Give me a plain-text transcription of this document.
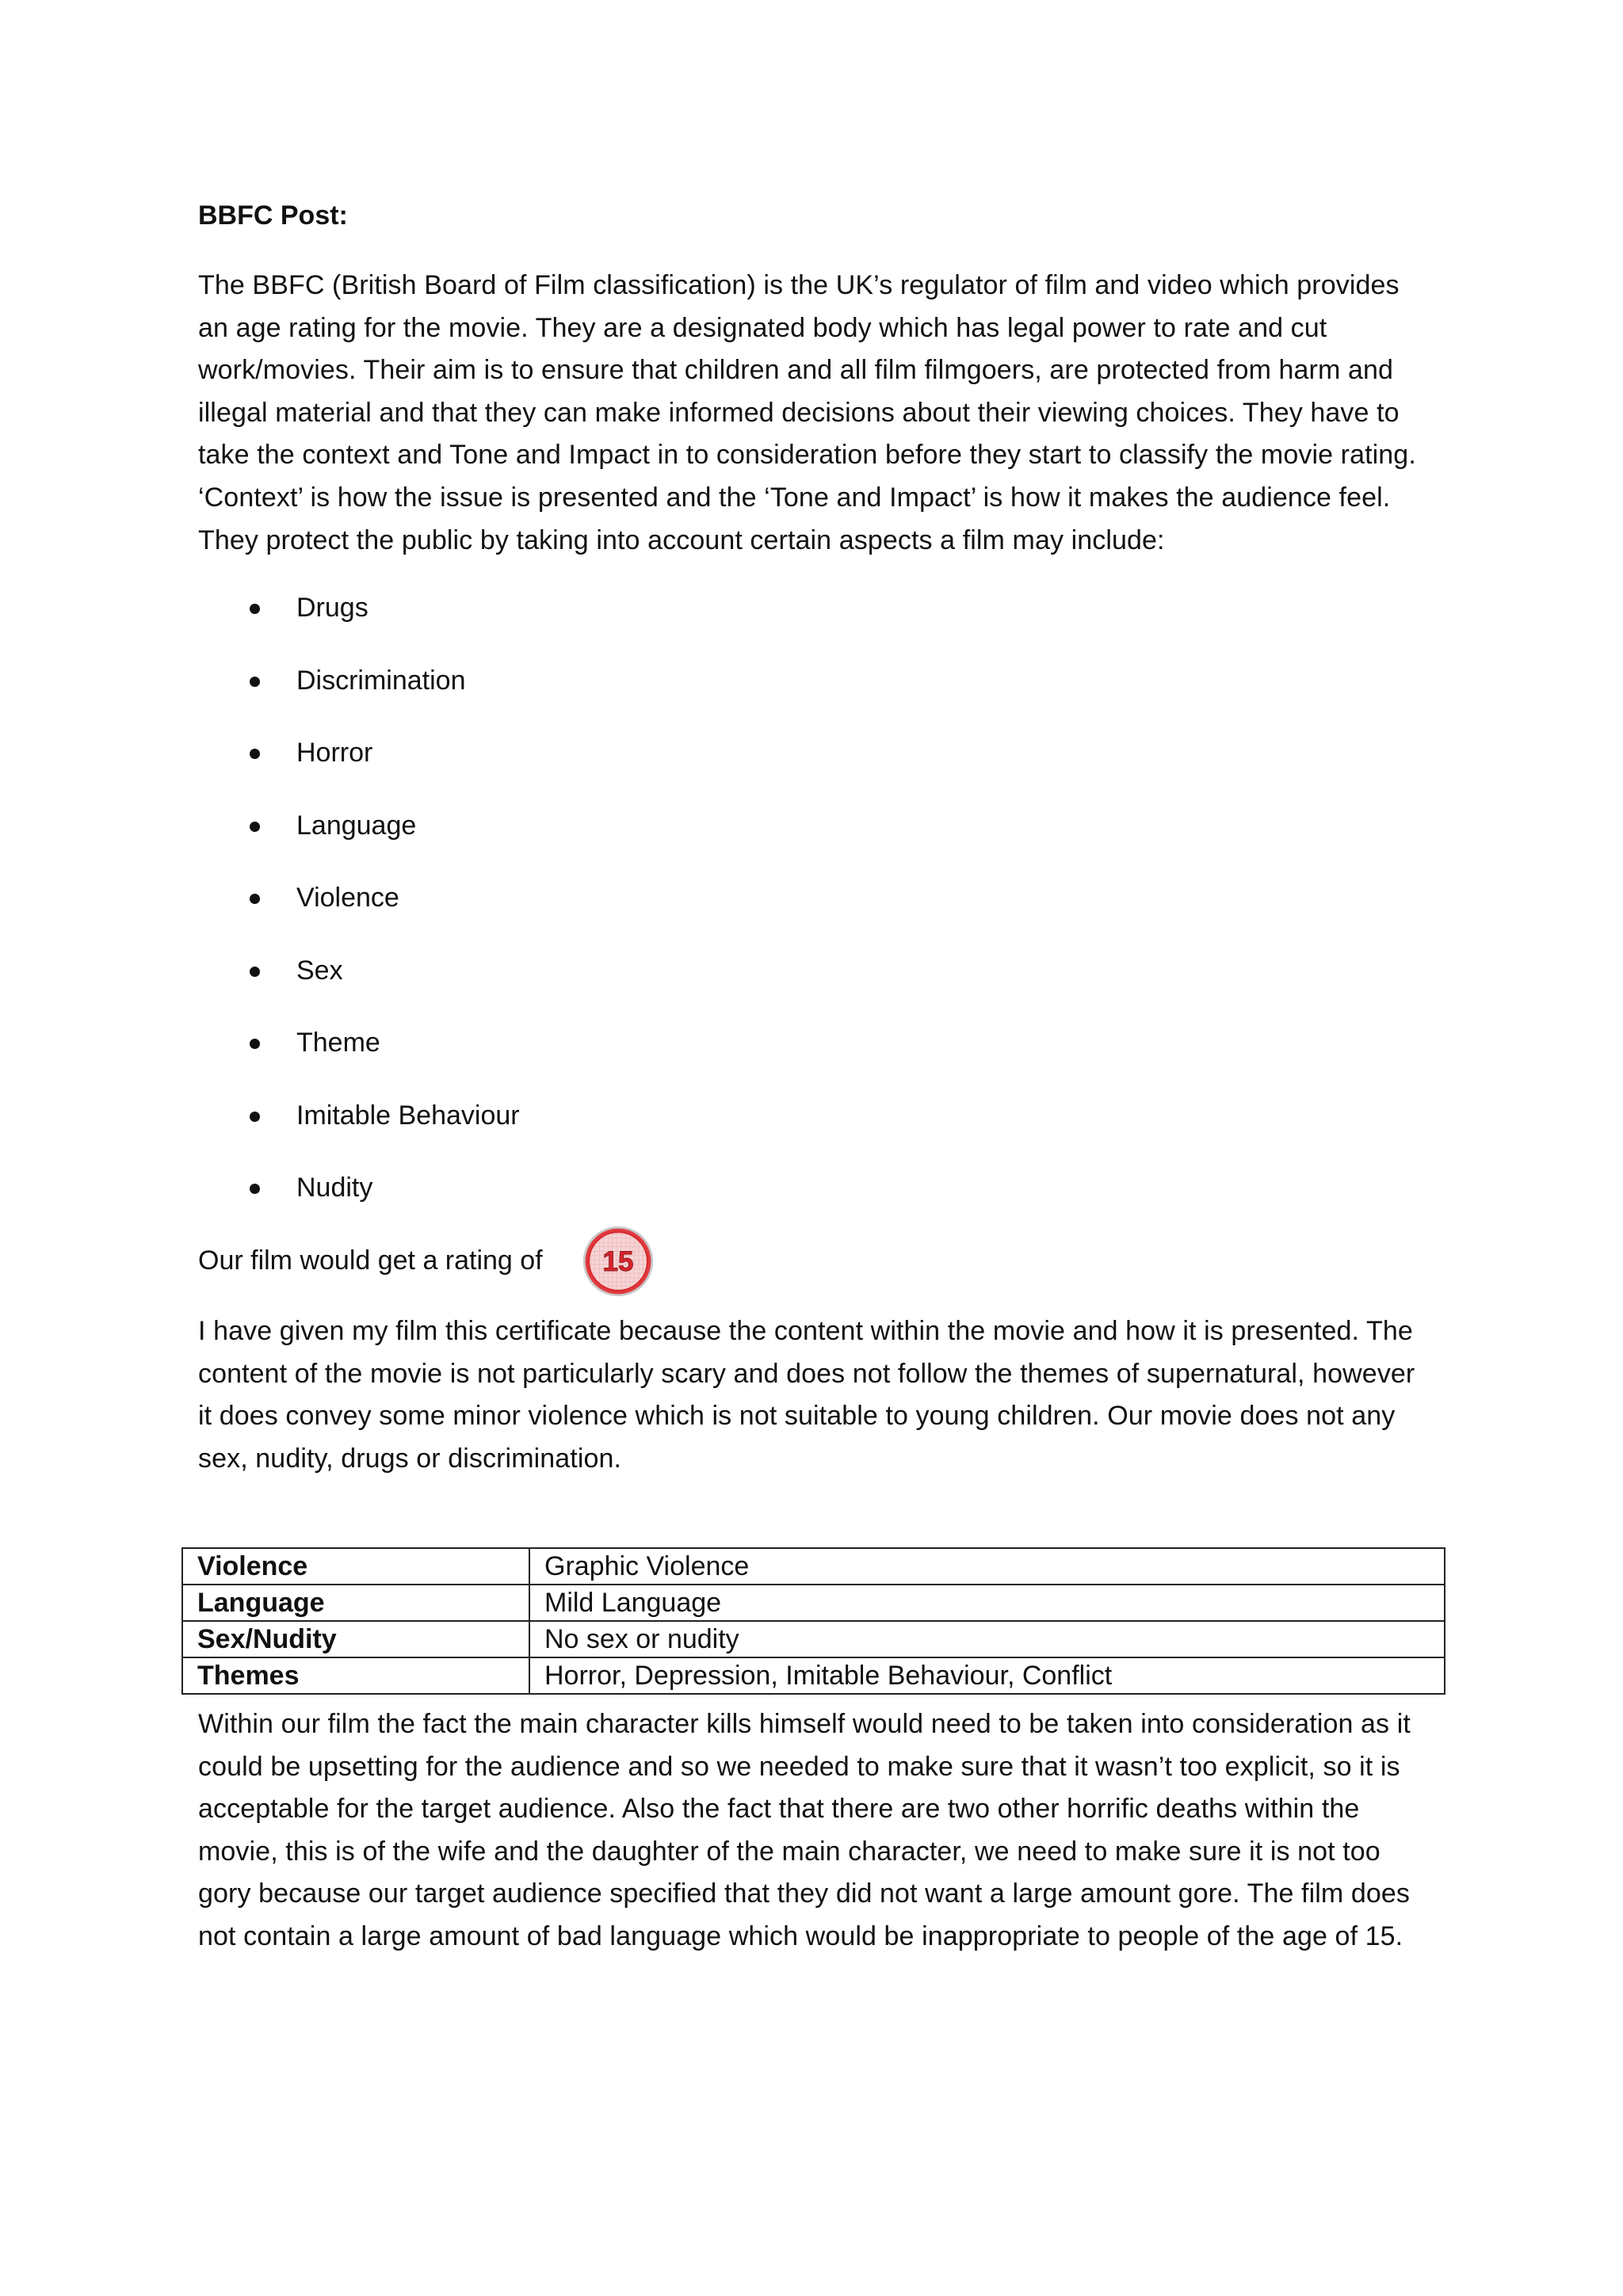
BBFC Post:

The BBFC (British Board of Film classification) is the UK’s regulator of film and video which provides an age rating for the movie. They are a designated body which has legal power to rate and cut work/movies. Their aim is to ensure that children and all film filmgoers, are protected from harm and illegal material and that they can make informed decisions about their viewing choices. They have to take the context and Tone and Impact in to consideration before they start to classify the movie rating. ‘Context’ is how the issue is presented and the ‘Tone and Impact’ is how it makes the audience feel. They protect the public by taking into account certain aspects a film may include:

Drugs
Discrimination
Horror
Language
Violence
Sex
Theme
Imitable Behaviour
Nudity
Our film would get a rating of 15

I have given my film this certificate because the content within the movie and how it is presented. The content of the movie is not particularly scary and does not follow the themes of supernatural, however it does convey some minor violence which is not suitable to young children. Our movie does not any sex, nudity, drugs or discrimination.

Violence	Graphic Violence
Language	Mild Language
Sex/Nudity	No sex or nudity
Themes	Horror, Depression, Imitable Behaviour, Conflict

Within our film the fact the main character kills himself would need to be taken into consideration as it could be upsetting for the audience and so we needed to make sure that it wasn’t too explicit, so it is acceptable for the target audience. Also the fact that there are two other horrific deaths within the movie, this is of the wife and the daughter of the main character, we need to make sure it is not too gory because our target audience specified that they did not want a large amount gore. The film does not contain a large amount of bad language which would be inappropriate to people of the age of 15.
